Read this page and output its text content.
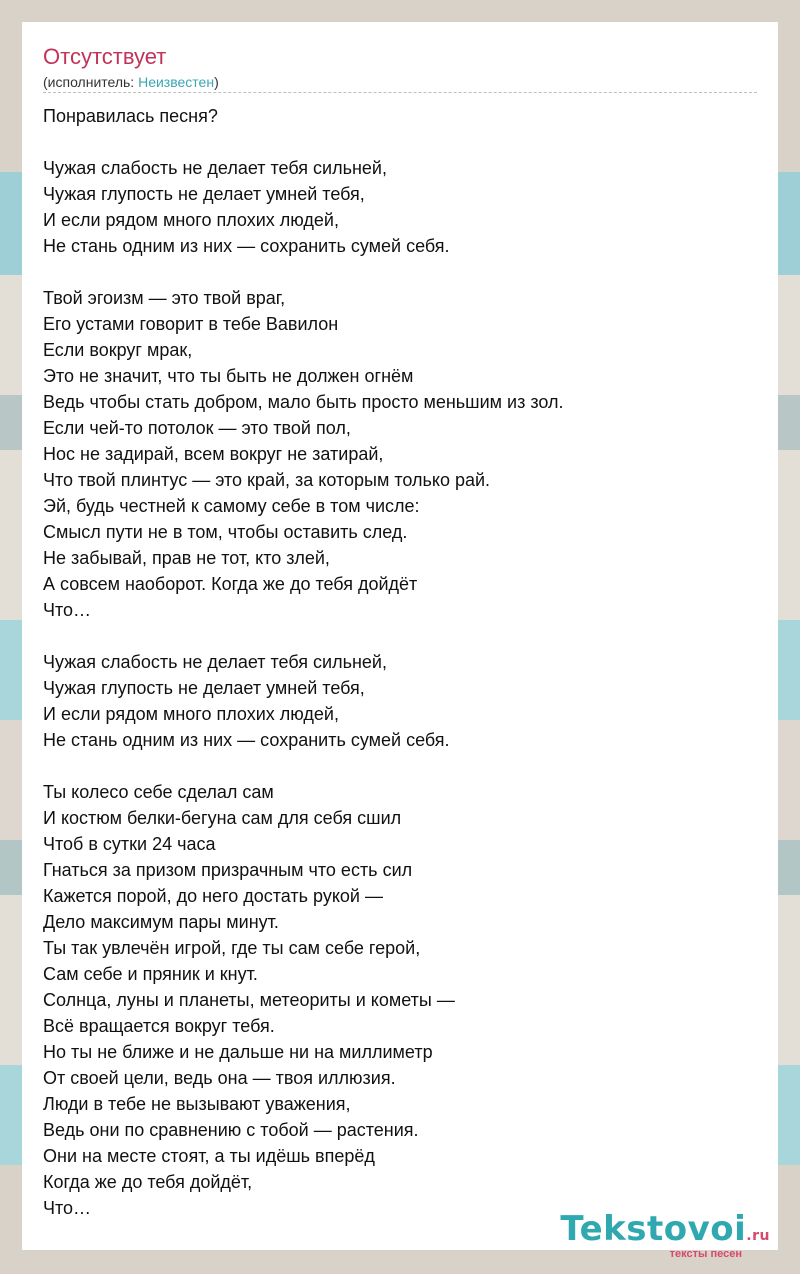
Отсутствует
(исполнитель: Неизвестен)
Понравилась песня?
Чужая слабость не делает тебя сильней,
Чужая глупость не делает умней тебя,
И если рядом много плохих людей,
Не стань одним из них — сохранить сумей себя.
Твой эгоизм — это твой враг,
Его устами говорит в тебе Вавилон
Если вокруг мрак,
Это не значит, что ты быть не должен огнём
Ведь чтобы стать добром, мало быть просто меньшим из зол.
Если чей-то потолок — это твой пол,
Нос не задирай, всем вокруг не затирай,
Что твой плинтус — это край, за которым только рай.
Эй, будь честней к самому себе в том числе:
Смысл пути не в том, чтобы оставить след.
Не забывай, прав не тот, кто злей,
А совсем наоборот. Когда же до тебя дойдёт
Что…
Чужая слабость не делает тебя сильней,
Чужая глупость не делает умней тебя,
И если рядом много плохих людей,
Не стань одним из них — сохранить сумей себя.
Ты колесо себе сделал сам
И костюм белки-бегуна сам для себя сшил
Чтоб в сутки 24 часа
Гнаться за призом призрачным что есть сил
Кажется порой, до него достать рукой —
Дело максимум пары минут.
Ты так увлечён игрой, где ты сам себе герой,
Сам себе и пряник и кнут.
Солнца, луны и планеты, метеориты и кометы —
Всё вращается вокруг тебя.
Но ты не ближе и не дальше ни на миллиметр
От своей цели, ведь она — твоя иллюзия.
Люди в тебе не вызывают уважения,
Ведь они по сравнению с тобой — растения.
Они на месте стоят, а ты идёшь вперёд
Когда же до тебя дойдёт,
Что…
Tekstovoi.ru
тексты песен
